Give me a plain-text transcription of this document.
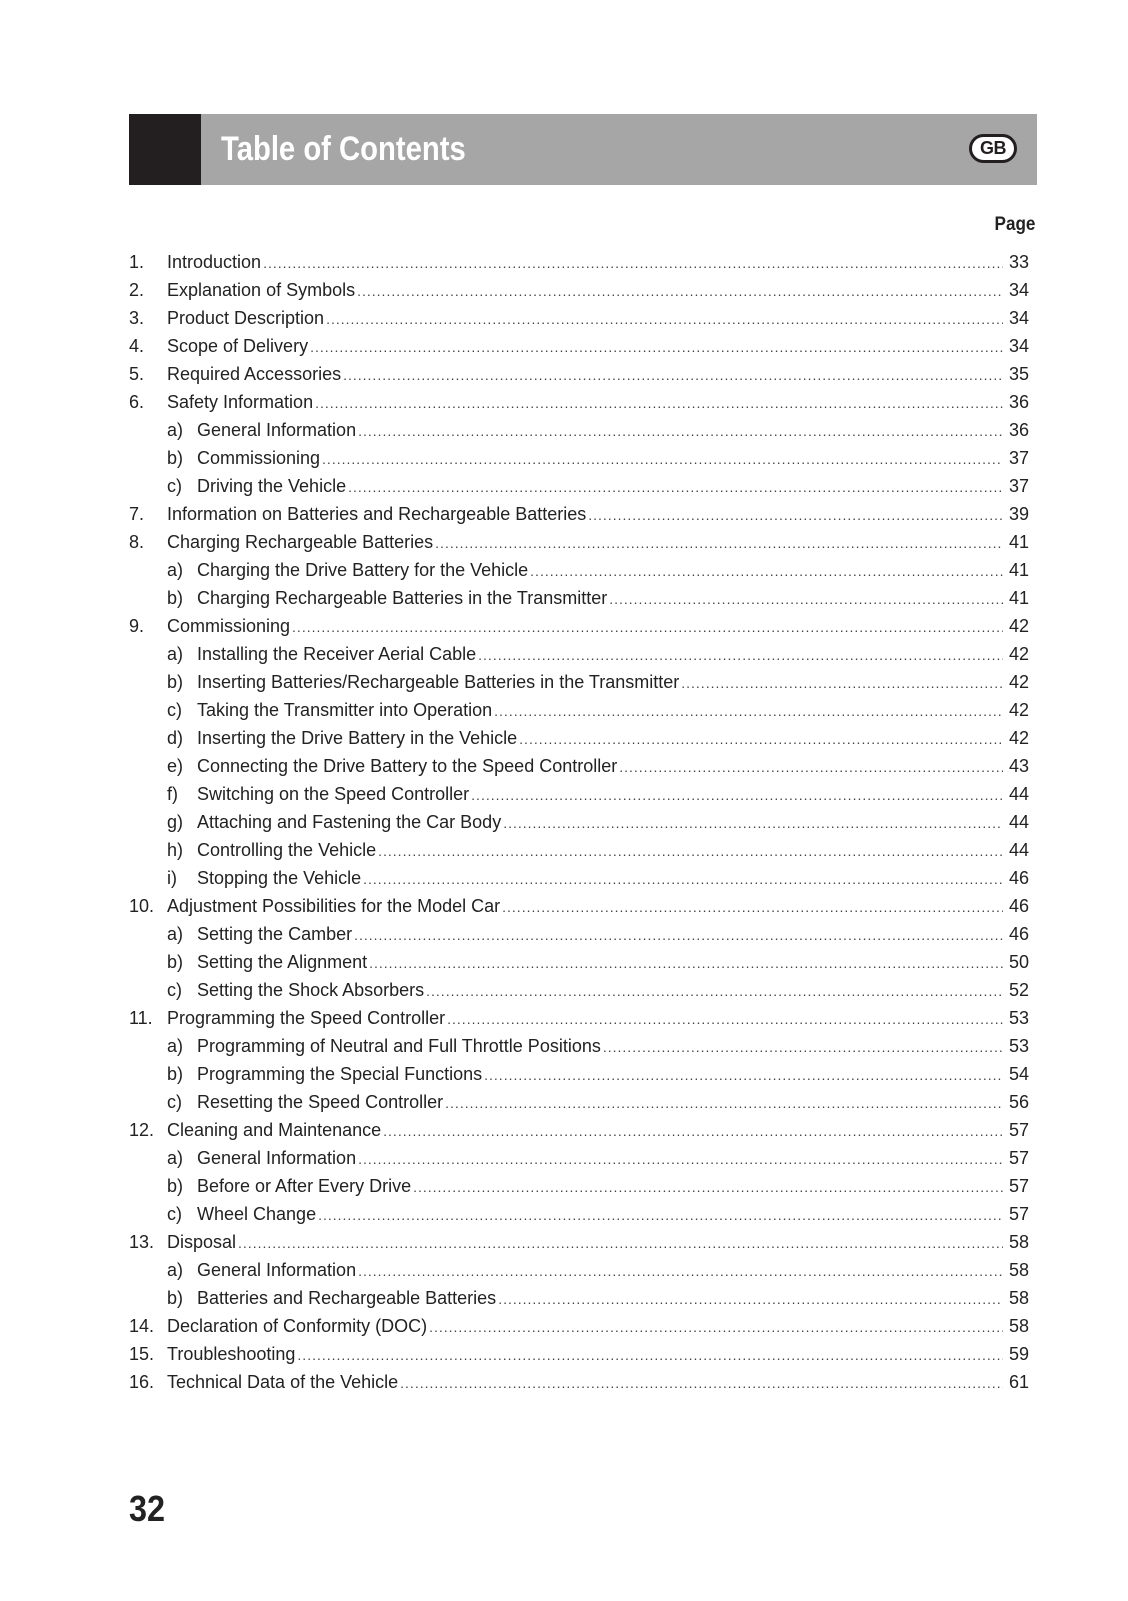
Table of Contents	GB
Page
1.	Introduction .....	33
2.	Explanation of Symbols .....	34
3.	Product Description .....	34
4.	Scope of Delivery .....	34
5.	Required Accessories .....	35
6.	Safety Information .....	36
a) General Information .....	36
b) Commissioning .....	37
c) Driving the Vehicle .....	37
7.	Information on Batteries and Rechargeable Batteries .....	39
8.	Charging Rechargeable Batteries .....	41
a) Charging the Drive Battery for the Vehicle .....	41
b) Charging Rechargeable Batteries in the Transmitter .....	41
9.	Commissioning .....	42
a) Installing the Receiver Aerial Cable .....	42
b) Inserting Batteries/Rechargeable Batteries in the Transmitter .....	42
c) Taking the Transmitter into Operation .....	42
d) Inserting the Drive Battery in the Vehicle .....	42
e) Connecting the Drive Battery to the Speed Controller .....	43
f)	Switching on the Speed Controller .....	44
g) Attaching and Fastening the Car Body .....	44
h) Controlling the Vehicle .....	44
i)	Stopping the Vehicle .....	46
10. Adjustment Possibilities for the Model Car .....	46
a) Setting the Camber .....	46
b) Setting the Alignment .....	50
c) Setting the Shock Absorbers .....	52
11. Programming the Speed Controller .....	53
a) Programming of Neutral and Full Throttle Positions .....	53
b) Programming the Special Functions .....	54
c) Resetting the Speed Controller .....	56
12. Cleaning and Maintenance .....	57
a) General Information .....	57
b) Before or After Every Drive .....	57
c) Wheel Change .....	57
13. Disposal .....	58
a) General Information .....	58
b) Batteries and Rechargeable Batteries .....	58
14. Declaration of Conformity (DOC) .....	58
15. Troubleshooting .....	59
16. Technical Data of the Vehicle .....	61
32
